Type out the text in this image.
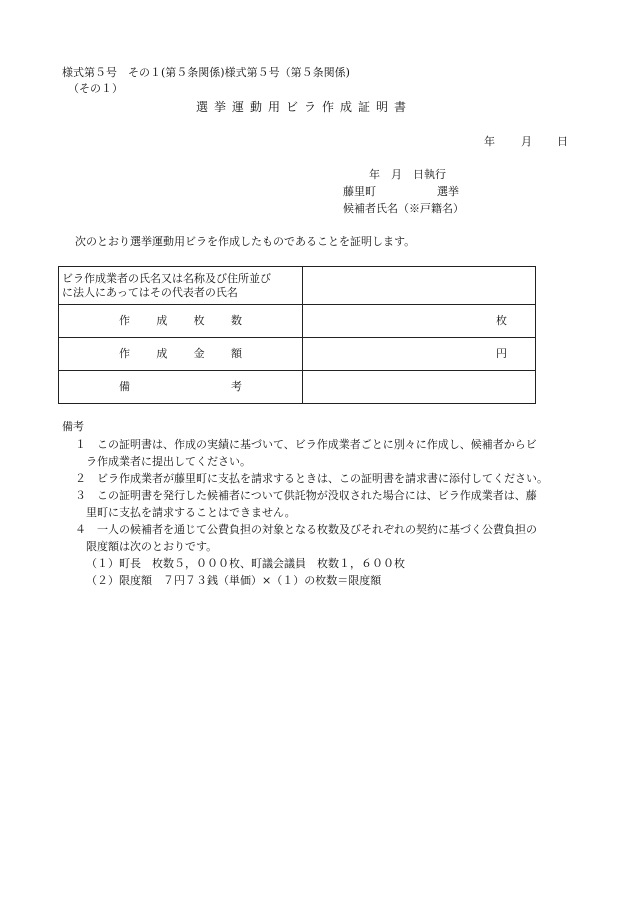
様式第５号　その１(第５条関係)様式第５号（第５条関係)
（その１）
選挙運動用ビラ作成証明書
年 月 日
年　月　日執行
藤里町	選挙
候補者氏名（※戸籍名）
次のとおり選挙運動用ビラを作成したものであることを証明します。
ビラ作成業者の氏名又は名称及び住所並び
に法人にあってはその代表者の氏名	

作 成 枚 数	枚

作 成 金 額	円

備 考	

備考
１　この証明書は、作成の実績に基づいて、ビラ作成業者ごとに別々に作成し、候補者からビ
ラ作成業者に提出してください。
２　ビラ作成業者が藤里町に支払を請求するときは、この証明書を請求書に添付してください。
３　この証明書を発行した候補者について供託物が没収された場合には、ビラ作成業者は、藤
里町に支払を請求することはできません。
４　一人の候補者を通じて公費負担の対象となる枚数及びそれぞれの契約に基づく公費負担の
限度額は次のとおりです。
（１）町長　枚数５，０００枚、町議会議員　枚数１，６００枚
（２）限度額　７円７３銭（単価）×（１）の枚数＝限度額
